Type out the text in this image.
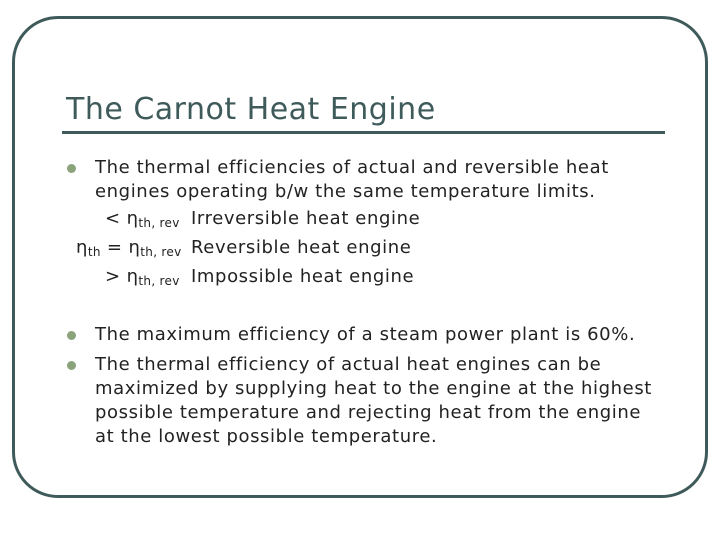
The Carnot Heat Engine
The thermal efficiencies of actual and reversible heat engines operating b/w the same temperature limits.
< $\eta_{th, rev}$ Irreversible heat engine
$\eta_{th} = \eta_{th, rev}$ Reversible heat engine
> $\eta_{th, rev}$ Impossible heat engine
The maximum efficiency of a steam power plant is 60%.
The thermal efficiency of actual heat engines can be maximized by supplying heat to the engine at the highest possible temperature and rejecting heat from the engine at the lowest possible temperature.
